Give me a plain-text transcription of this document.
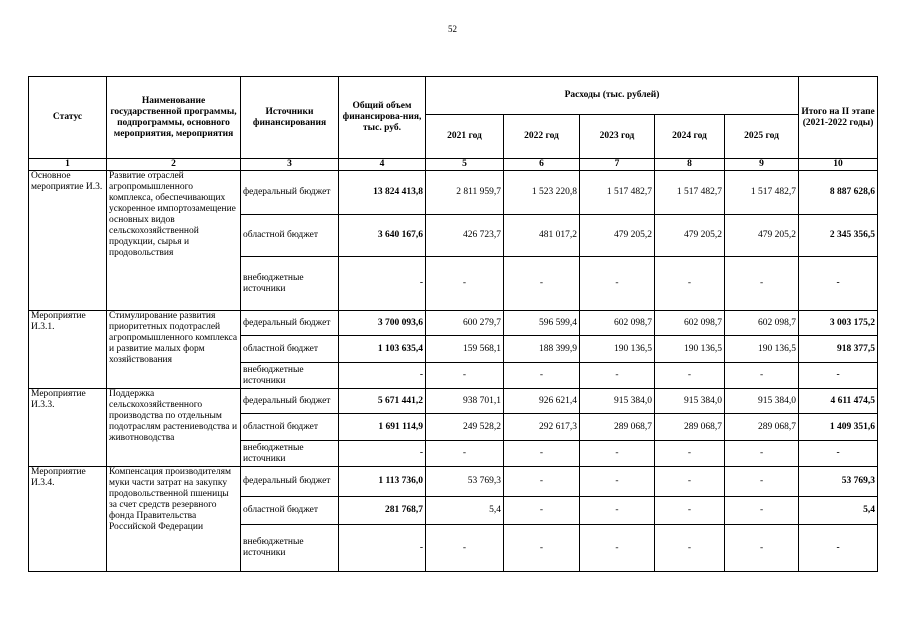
52
Статус	Наименование государственной программы, подпрограммы, основного мероприятия, мероприятия	Источники финансирования	Общий объем финансирова-ния, тыс. руб.	Расходы (тыс. рублей)					Итого на II этапе (2021-2022 годы)
				2021 год	2022 год	2023 год	2024 год	2025 год	
1	2	3	4	5	6	7	8	9	10
Основное мероприятие И.3.	Развитие отраслей агропромышленного комплекса, обеспечивающих ускоренное импортозамещение основных видов сельскохозяйственной продукции, сырья и продовольствия	федеральный бюджет	13 824 413,8	2 811 959,7	1 523 220,8	1 517 482,7	1 517 482,7	1 517 482,7	8 887 628,6
		областной бюджет	3 640 167,6	426 723,7	481 017,2	479 205,2	479 205,2	479 205,2	2 345 356,5
		внебюджетные источники	-	-	-	-	-	-	-
Мероприятие И.3.1.	Стимулирование развития приоритетных подотраслей агропромышленного комплекса и развитие малых форм хозяйствования	федеральный бюджет	3 700 093,6	600 279,7	596 599,4	602 098,7	602 098,7	602 098,7	3 003 175,2
		областной бюджет	1 103 635,4	159 568,1	188 399,9	190 136,5	190 136,5	190 136,5	918 377,5
		внебюджетные источники	-	-	-	-	-	-	-
Мероприятие И.3.3.	Поддержка сельскохозяйственного производства по отдельным подотраслям растениеводства и животноводства	федеральный бюджет	5 671 441,2	938 701,1	926 621,4	915 384,0	915 384,0	915 384,0	4 611 474,5
		областной бюджет	1 691 114,9	249 528,2	292 617,3	289 068,7	289 068,7	289 068,7	1 409 351,6
		внебюджетные источники	-	-	-	-	-	-	-
Мероприятие И.3.4.	Компенсация производителям муки части затрат на закупку продовольственной пшеницы за счет средств резервного фонда Правительства Российской Федерации	федеральный бюджет	1 113 736,0	53 769,3	-	-	-	-	53 769,3
		областной бюджет	281 768,7	5,4	-	-	-	-	5,4
		внебюджетные источники	-	-	-	-	-	-	-
